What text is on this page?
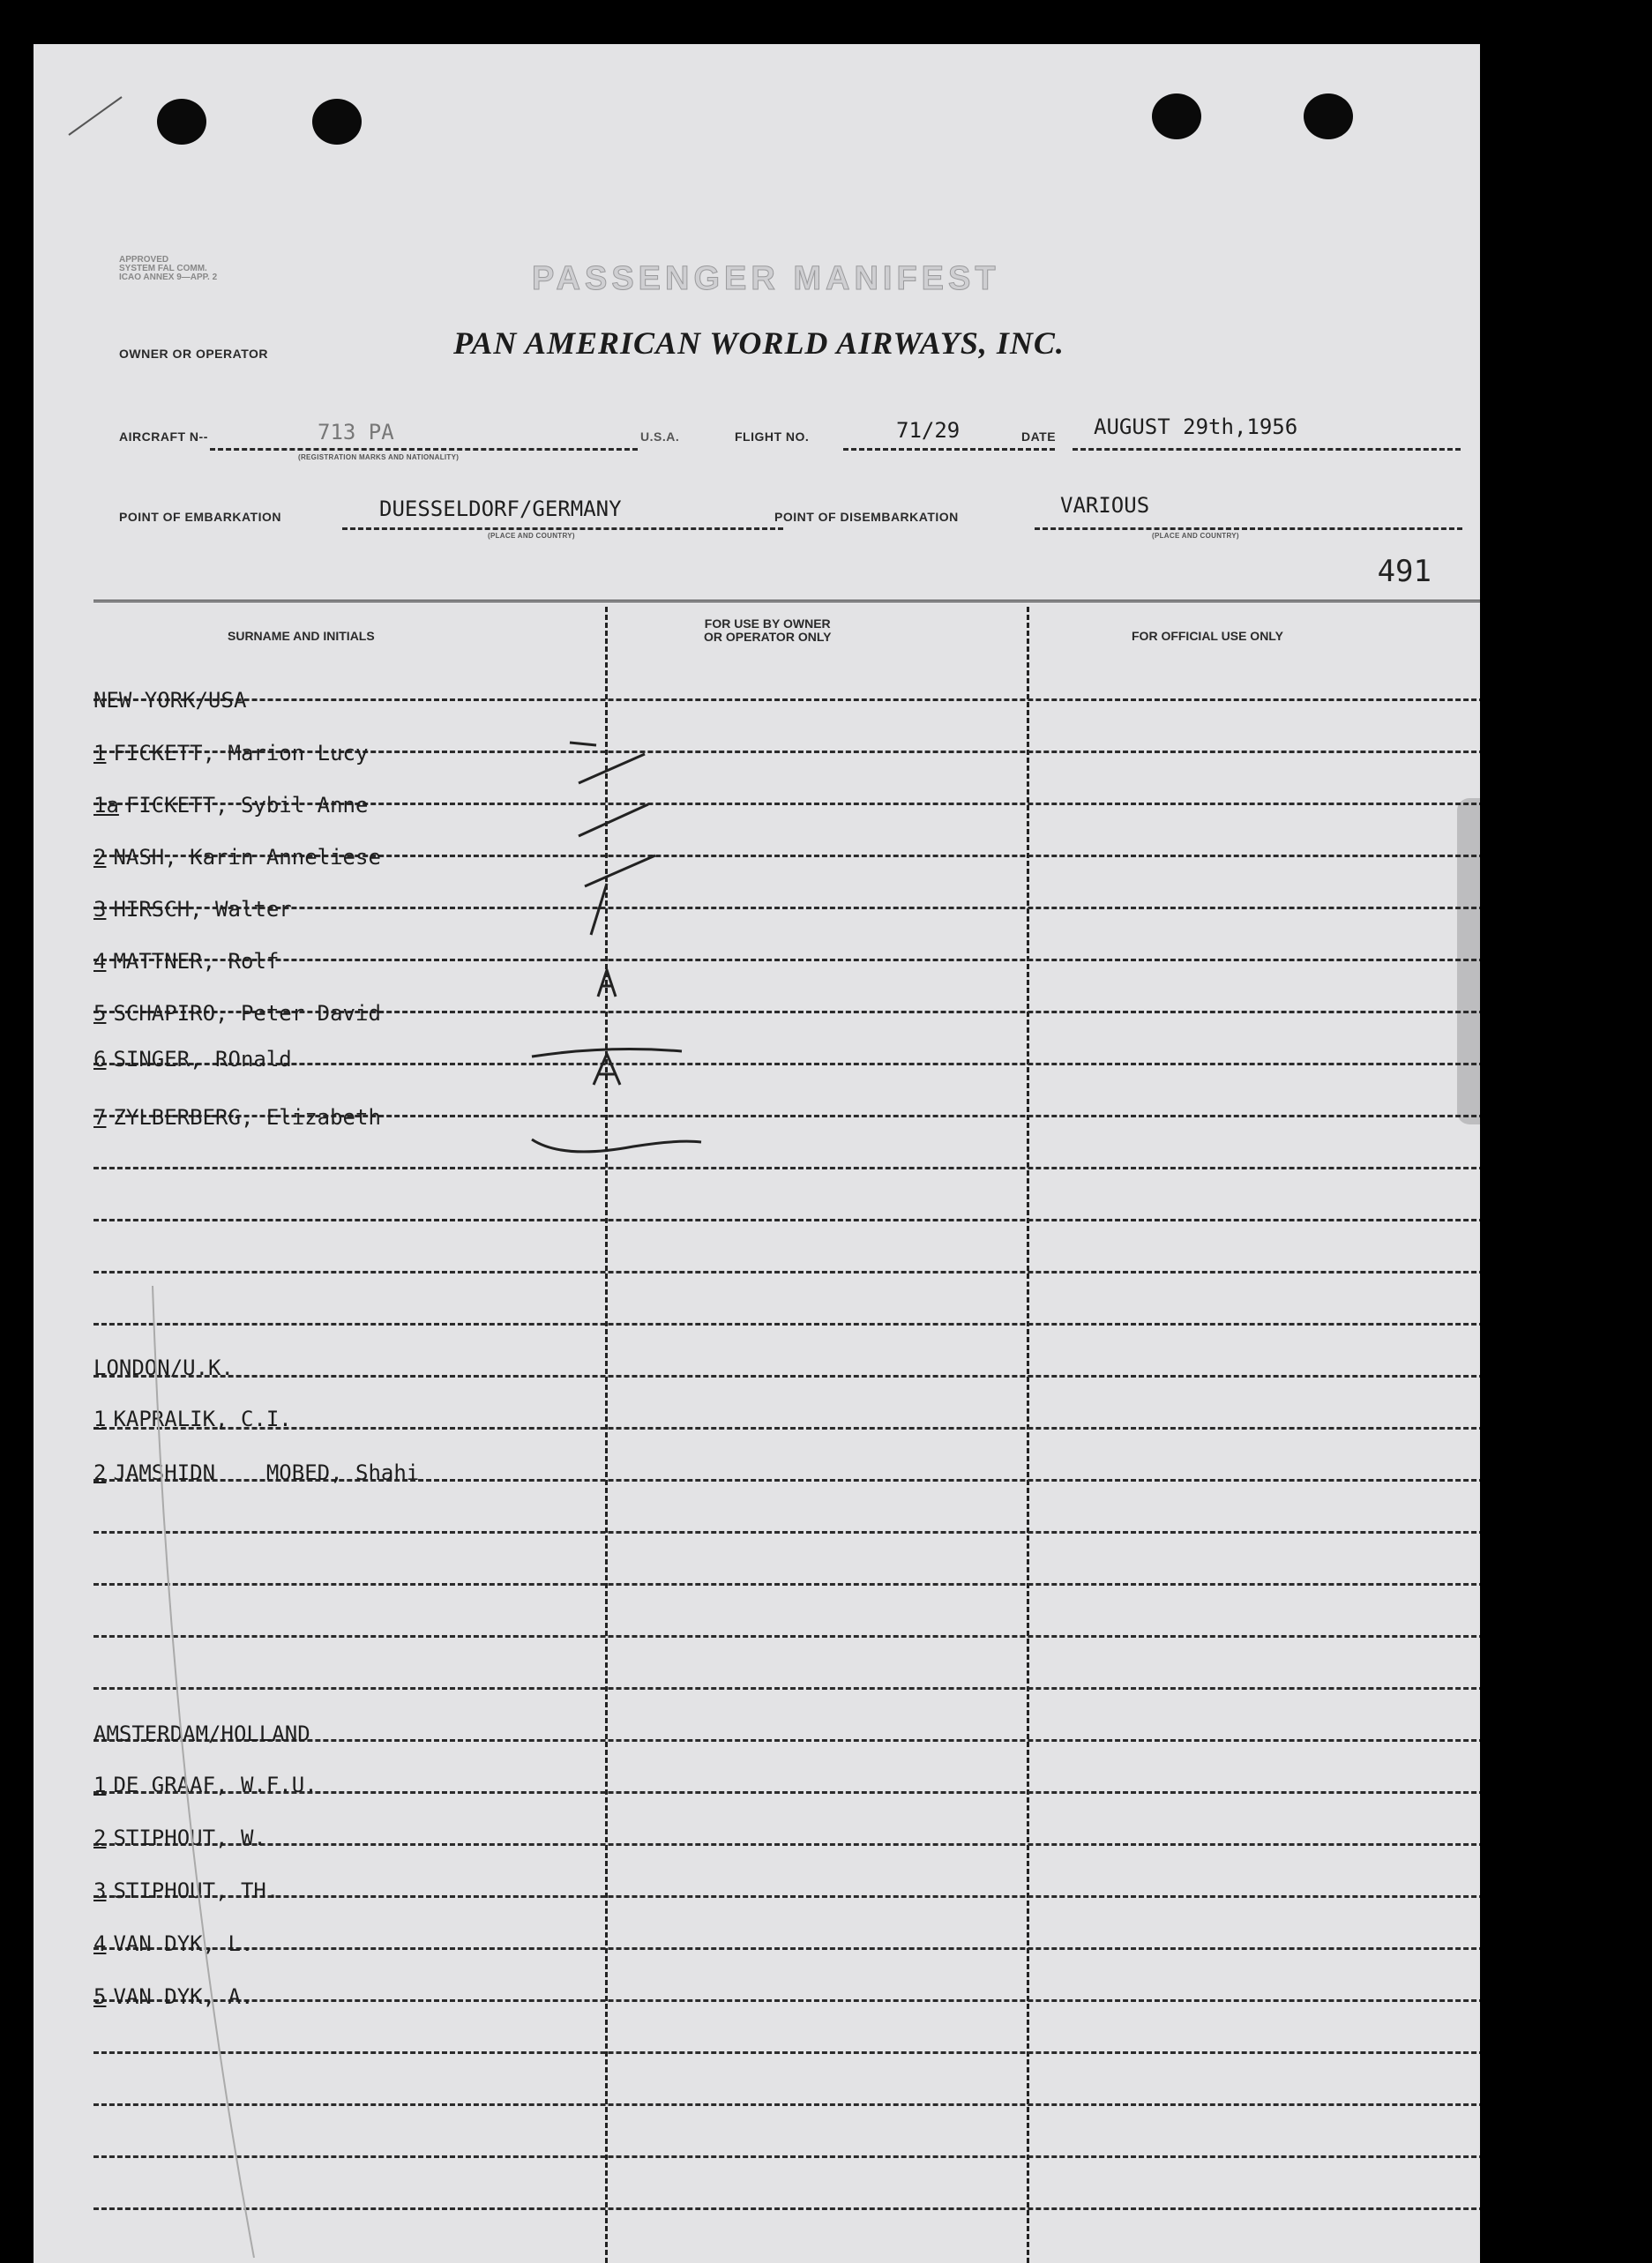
APPROVED
SYSTEM FAL COMM.
ICAO ANNEX 9—APP. 2	PASSENGER MANIFEST
OWNER OR OPERATOR	PAN AMERICAN WORLD AIRWAYS, INC.
AIRCRAFT N--	713 PA
(REGISTRATION MARKS AND NATIONALITY)
U.S.A.	FLIGHT NO.	71/29	DATE AUGUST 29th,1956
POINT OF EMBARKATION	DUESSELDORF/GERMANY
(PLACE AND COUNTRY)
POINT OF DISEMBARKATION	VARIOUS
(PLACE AND COUNTRY)
491
SURNAME AND INITIALS
FOR USE BY OWNER
OR OPERATOR ONLY	FOR OFFICIAL USE ONLY
NEW YORK/USA
1 FICKETT, Marion Lucy
1a FICKETT, Sybil Anne
2 NASH, Karin Anneliese
3 HIRSCH, Walter
4 MATTNER, Rolf
5 SCHAPIRO, Peter David
6 SINGER, ROnald
7 ZYLBERBERG, Elizabeth
LONDON/U.K.
1 KAPRALIK, C.I.
2 JAMSHIDN    MOBED, Shahi
AMSTERDAM/HOLLAND
1 DE GRAAF, W.F.U.
2 STIPHOUT, W.
3 STIPHOUT, TH.
4 VAN DYK, L.
5 VAN DYK, A.
